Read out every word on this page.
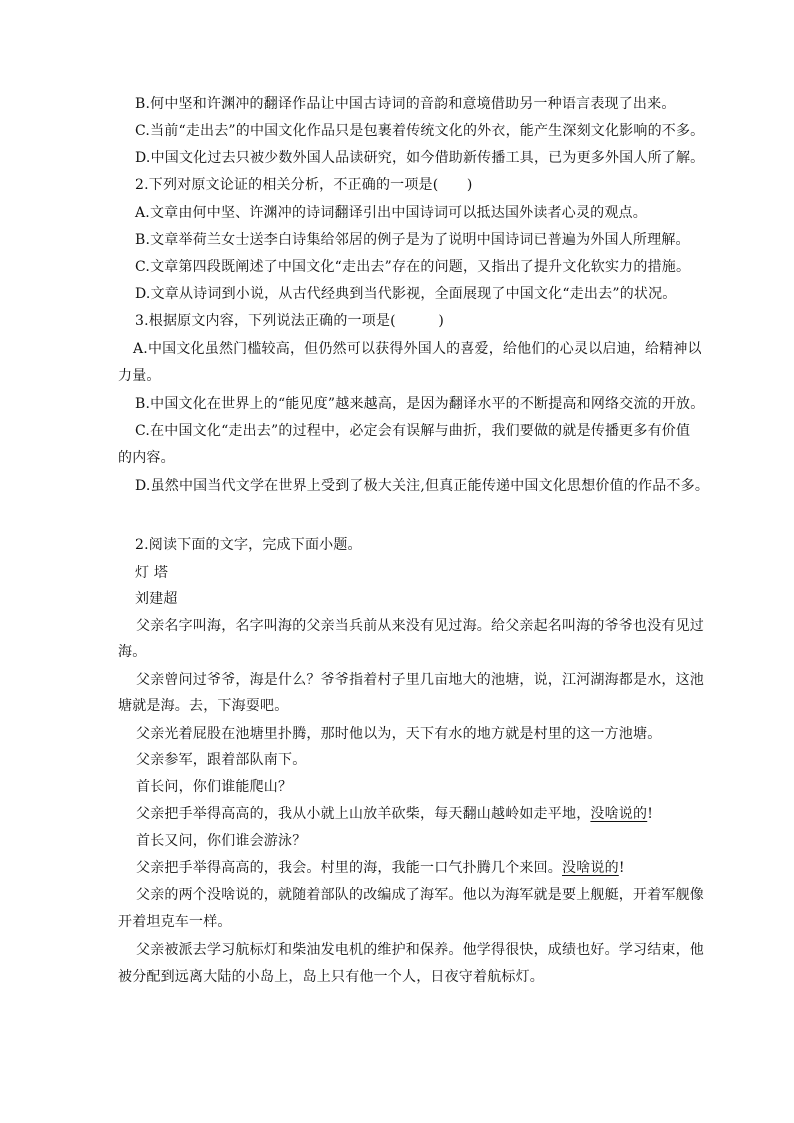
B.何中坚和许渊冲的翻译作品让中国古诗词的音韵和意境借助另一种语言表现了出来。
C.当前“走出去”的中国文化作品只是包裹着传统文化的外衣，能产生深刻文化影响的不多。
D.中国文化过去只被少数外国人品读研究，如今借助新传播工具，已为更多外国人所了解。
2.下列对原文论证的相关分析，不正确的一项是(　　)
A.文章由何中坚、许渊冲的诗词翻译引出中国诗词可以抵达国外读者心灵的观点。
B.文章举荷兰女士送李白诗集给邻居的例子是为了说明中国诗词已普遍为外国人所理解。
C.文章第四段既阐述了中国文化“走出去”存在的问题，又指出了提升文化软实力的措施。
D.文章从诗词到小说，从古代经典到当代影视，全面展现了中国文化“走出去”的状况。
3.根据原文内容，下列说法正确的一项是(　　　)
A.中国文化虽然门槛较高，但仍然可以获得外国人的喜爱，给他们的心灵以启迪，给精神以
力量。
B.中国文化在世界上的“能见度”越来越高，是因为翻译水平的不断提高和网络交流的开放。
C.在中国文化“走出去”的过程中，必定会有误解与曲折，我们要做的就是传播更多有价值
的内容。
D.虽然中国当代文学在世界上受到了极大关注,但真正能传递中国文化思想价值的作品不多。
2.阅读下面的文字，完成下面小题。
灯 塔
刘建超
父亲名字叫海，名字叫海的父亲当兵前从来没有见过海。给父亲起名叫海的爷爷也没有见过
海。
父亲曾问过爷爷，海是什么？爷爷指着村子里几亩地大的池塘，说，江河湖海都是水，这池
塘就是海。去，下海耍吧。
父亲光着屁股在池塘里扑腾，那时他以为，天下有水的地方就是村里的这一方池塘。
父亲参军，跟着部队南下。
首长问，你们谁能爬山？
父亲把手举得高高的，我从小就上山放羊砍柴，每天翻山越岭如走平地，没啥说的!
首长又问，你们谁会游泳？
父亲把手举得高高的，我会。村里的海，我能一口气扑腾几个来回。没啥说的!
父亲的两个没啥说的，就随着部队的改编成了海军。他以为海军就是要上舰艇，开着军舰像
开着坦克车一样。
父亲被派去学习航标灯和柴油发电机的维护和保养。他学得很快，成绩也好。学习结束，他
被分配到远离大陆的小岛上，岛上只有他一个人，日夜守着航标灯。
